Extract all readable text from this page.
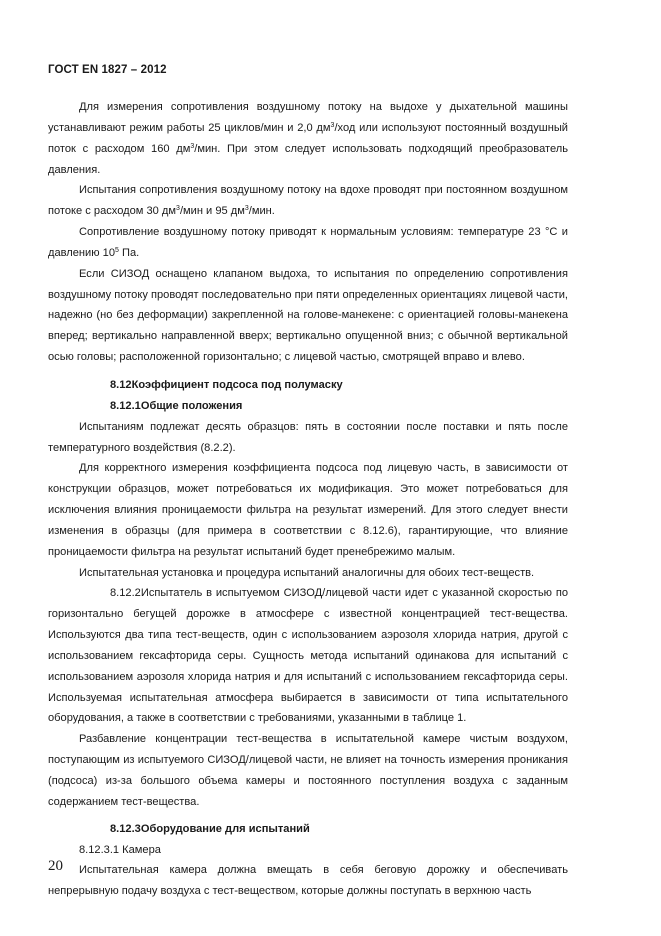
ГОСТ EN 1827 – 2012

Для измерения сопротивления воздушному потоку на выдохе у дыхательной машины устанавливают режим работы 25 циклов/мин и 2,0 $дм^3$/ход или используют постоянный воздушный поток с расходом 160 $дм^3$/мин. При этом следует использовать подходящий преобразователь давления.

Испытания сопротивления воздушному потоку на вдохе проводят при постоянном воздушном потоке с расходом 30 $дм^3$/мин и 95 $дм^3$/мин.

Сопротивление воздушному потоку приводят к нормальным условиям: температуре 23 °C и давлению $10^5$ Па.

Если СИЗОД оснащено клапаном выдоха, то испытания по определению сопротивления воздушному потоку проводят последовательно при пяти определенных ориентациях лицевой части, надежно (но без деформации) закрепленной на голове-манекене: с ориентацией головы-манекена вперед; вертикально направленной вверх; вертикально опущенной вниз; с обычной вертикальной осью головы; расположенной горизонтально; с лицевой частью, смотрящей вправо и влево.

8.12Коэффициент подсоса под полумаску

8.12.1Общие положения

Испытаниям подлежат десять образцов: пять в состоянии после поставки и пять после температурного воздействия (8.2.2).

Для корректного измерения коэффициента подсоса под лицевую часть, в зависимости от конструкции образцов, может потребоваться их модификация. Это может потребоваться для исключения влияния проницаемости фильтра на результат измерений. Для этого следует внести изменения в образцы (для примера в соответствии с 8.12.6), гарантирующие, что влияние проницаемости фильтра на результат испытаний будет пренебрежимо малым.

Испытательная установка и процедура испытаний аналогичны для обоих тест-веществ.

8.12.2Испытатель в испытуемом СИЗОД/лицевой части идет с указанной скоростью по горизонтально бегущей дорожке в атмосфере с известной концентрацией тест-вещества. Используются два типа тест-веществ, один с использованием аэрозоля хлорида натрия, другой с использованием гексафторида серы. Сущность метода испытаний одинакова для испытаний с использованием аэрозоля хлорида натрия и для испытаний с использованием гексафторида серы. Используемая испытательная атмосфера выбирается в зависимости от типа испытательного оборудования, а также в соответствии с требованиями, указанными в таблице 1.

Разбавление концентрации тест-вещества в испытательной камере чистым воздухом, поступающим из испытуемого СИЗОД/лицевой части, не влияет на точность измерения проникания (подсоса) из-за большого объема камеры и постоянного поступления воздуха с заданным содержанием тест-вещества.

8.12.3Оборудование для испытаний

8.12.3.1 Камера

Испытательная камера должна вмещать в себя беговую дорожку и обеспечивать непрерывную подачу воздуха с тест-веществом, которые должны поступать в верхнюю часть

20
